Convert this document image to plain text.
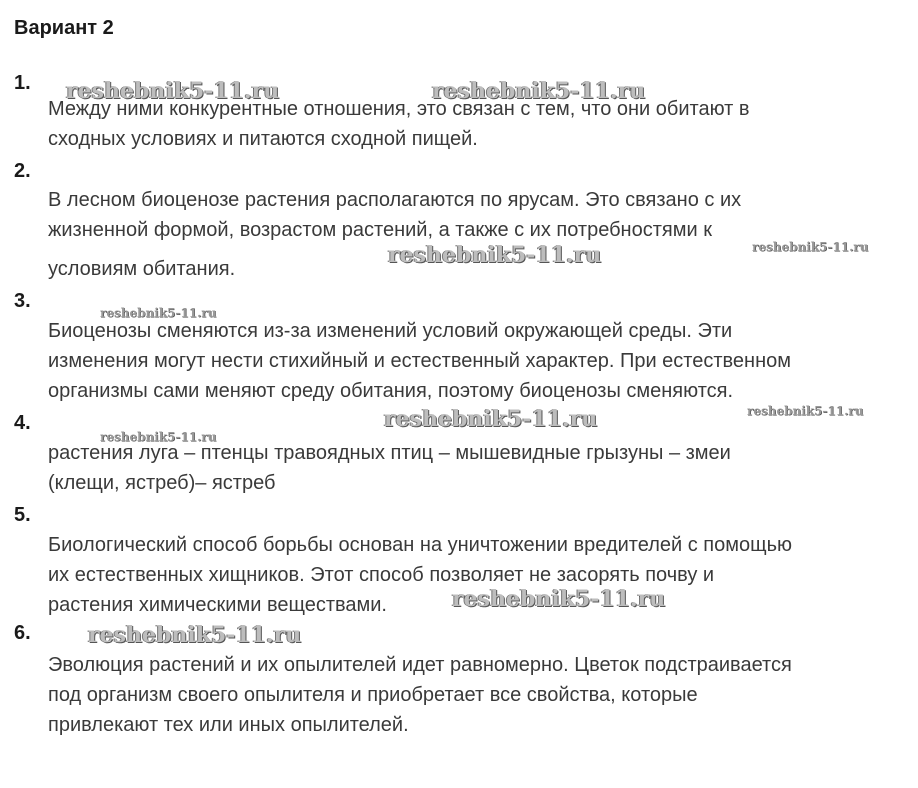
Вариант 2
1.

Между ними конкурентные отношения, это связан с тем, что они обитают в
сходных условиях и питаются сходной пищей.

2.

В лесном биоценозе растения располагаются по ярусам. Это связано с их
жизненной формой, возрастом растений, а также с их потребностями к
условиям обитания.

3.

Биоценозы сменяются из-за изменений условий окружающей среды. Эти
изменения могут нести стихийный и естественный характер. При естественном
организмы сами меняют среду обитания, поэтому биоценозы сменяются.

4.

растения луга – птенцы травоядных птиц – мышевидные грызуны – змеи
(клещи, ястреб)– ястреб

5.

Биологический способ борьбы основан на уничтожении вредителей с помощью
их естественных хищников. Этот способ позволяет не засорять почву и
растения химическими веществами.

6.

Эволюция растений и их опылителей идет равномерно. Цветок подстраивается
под организм своего опылителя и приобретает все свойства, которые
привлекают тех или иных опылителей.

reshebnik5-11.ru	reshebnik5-11.ru
reshebnik5-11.ru	reshebnik5-11.ru
reshebnik5-11.ru
reshebnik5-11.ru	reshebnik5-11.ru
reshebnik5-11.ru
reshebnik5-11.ru
reshebnik5-11.ru
